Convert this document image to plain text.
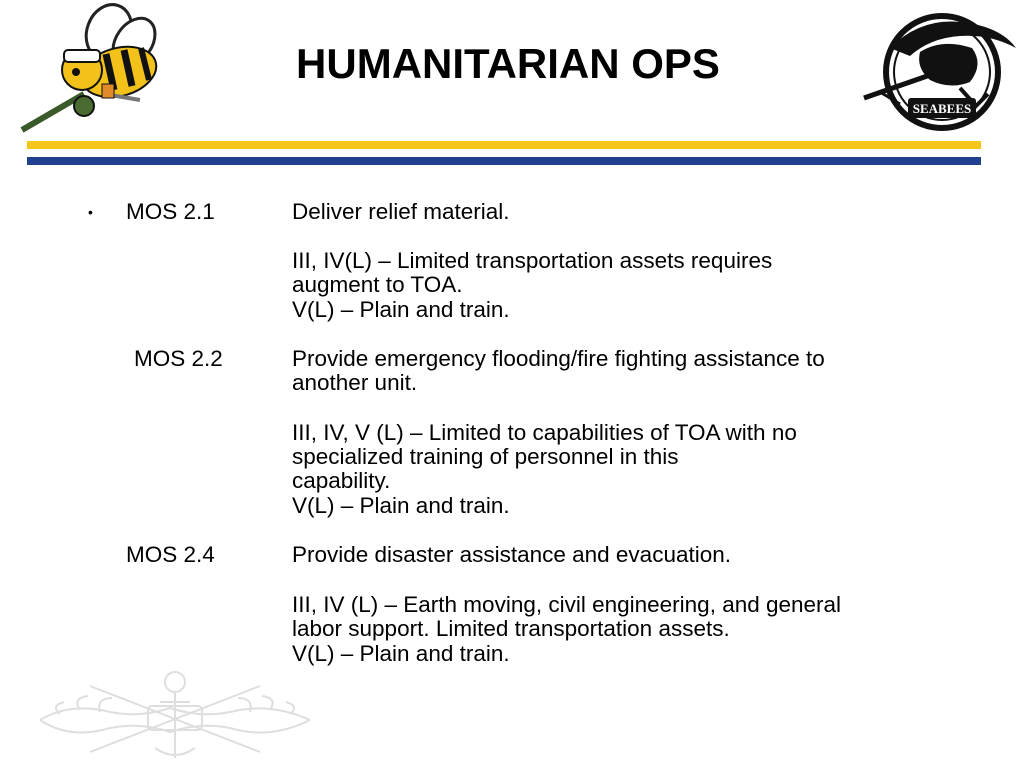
HUMANITARIAN OPS
SEABEES
• MOS 2.1	Deliver relief material.
III, IV(L) – Limited transportation assets requires
augment to TOA.
V(L) – Plain and train.
MOS 2.2	Provide emergency flooding/fire fighting assistance to
another unit.
III, IV, V (L) – Limited to capabilities of TOA with no
specialized training of personnel in this
capability.
V(L) – Plain and train.
MOS 2.4	Provide disaster assistance and evacuation.
III, IV (L) – Earth moving, civil engineering, and general
labor support. Limited transportation assets.
V(L) – Plain and train.
